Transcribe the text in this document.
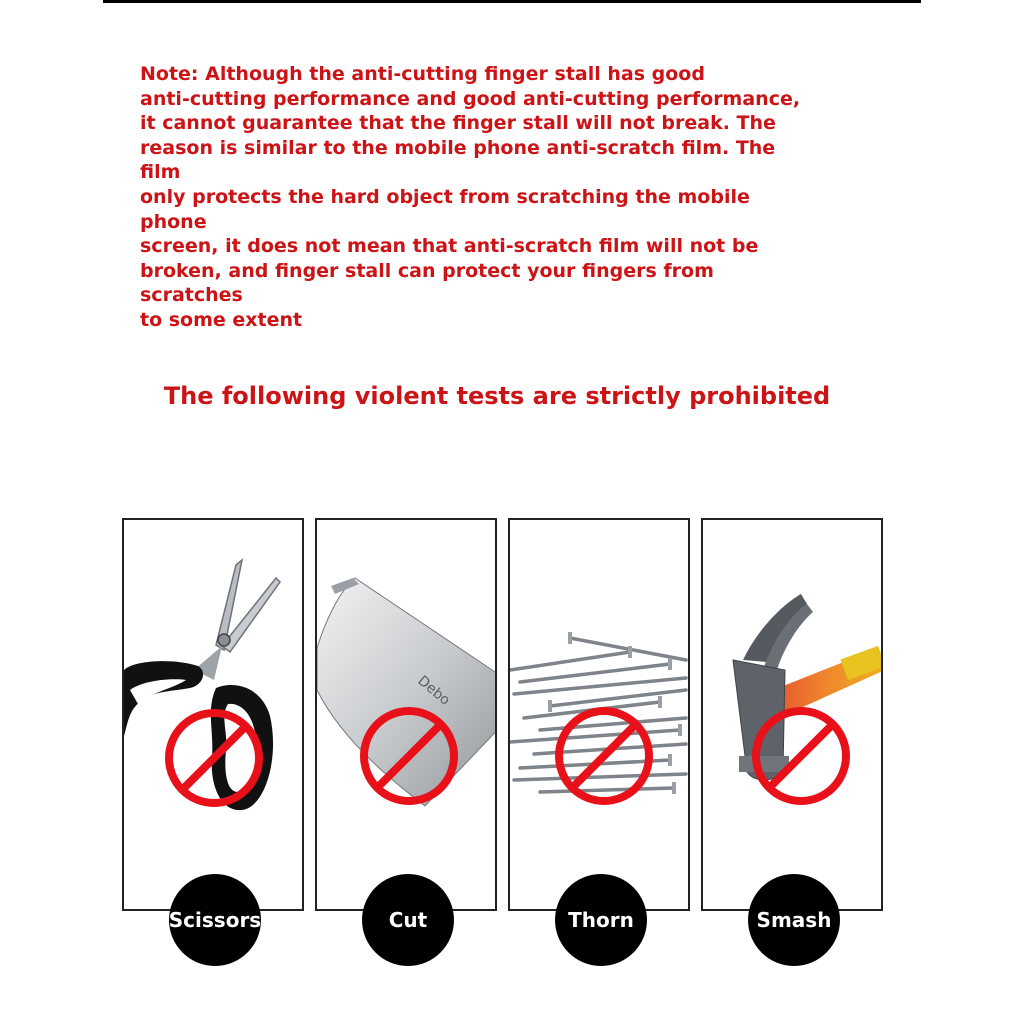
Note: Although the anti-cutting finger stall has good
anti-cutting performance and good anti-cutting performance,
it cannot guarantee that the finger stall will not break. The
reason is similar to the mobile phone anti-scratch film. The film
only protects the hard object from scratching the mobile phone
screen, it does not mean that anti-scratch film will not be
broken, and finger stall can protect your fingers from scratches
to some extent

The following violent tests are strictly prohibited
Debo
Scissors	Cut	Thorn	Smash
